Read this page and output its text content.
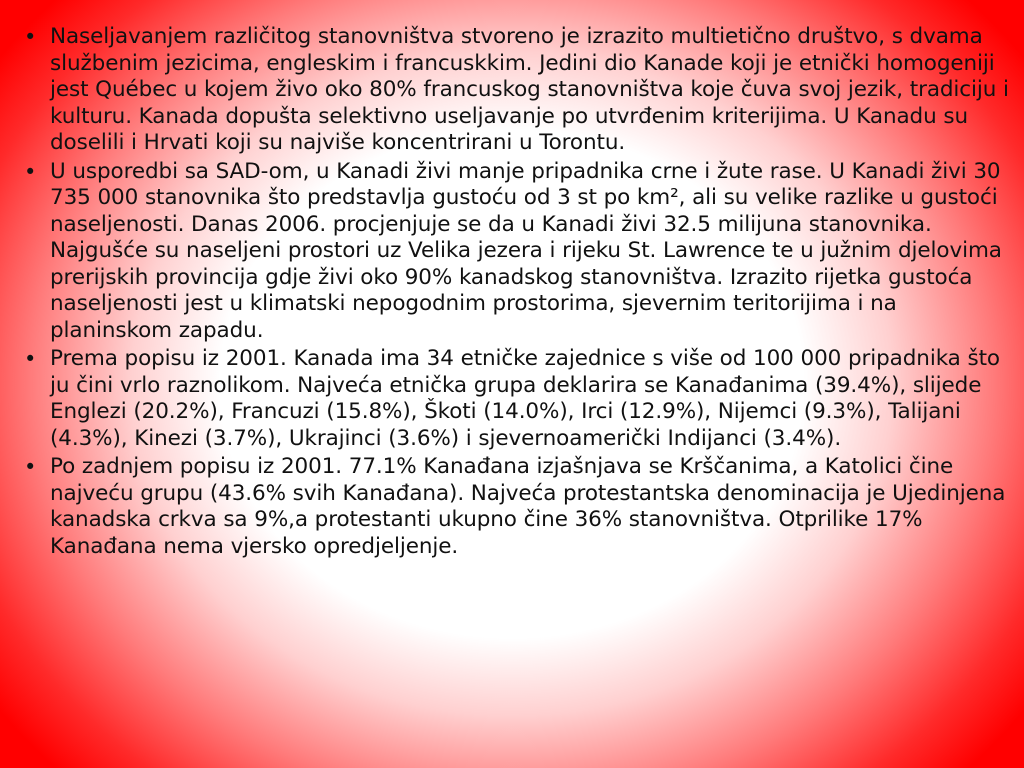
• Naseljavanjem različitog stanovništva stvoreno je izrazito multietično društvo, s dvama službenim jezicima, engleskim i francuskkim. Jedini dio Kanade koji je etnički homogeniji jest Québec u kojem živo oko 80% francuskog stanovništva koje čuva svoj jezik, tradiciju i kulturu. Kanada dopušta selektivno useljavanje po utvrđenim kriterijima. U Kanadu su doselili i Hrvati koji su najviše koncentrirani u Torontu.
• U usporedbi sa SAD-om, u Kanadi živi manje pripadnika crne i žute rase. U Kanadi živi 30 735 000 stanovnika što predstavlja gustoću od 3 st po km², ali su velike razlike u gustoći naseljenosti. Danas 2006. procjenjuje se da u Kanadi živi 32.5 milijuna stanovnika. Najgušće su naseljeni prostori uz Velika jezera i rijeku St. Lawrence te u južnim djelovima prerijskih provincija gdje živi oko 90% kanadskog stanovništva. Izrazito rijetka gustoća naseljenosti jest u klimatski nepogodnim prostorima, sjevernim teritorijima i na planinskom zapadu.
• Prema popisu iz 2001. Kanada ima 34 etničke zajednice s više od 100 000 pripadnika što ju čini vrlo raznolikom. Najveća etnička grupa deklarira se Kanađanima (39.4%), slijede Englezi (20.2%), Francuzi (15.8%), Škoti (14.0%), Irci (12.9%), Nijemci (9.3%), Talijani (4.3%), Kinezi (3.7%), Ukrajinci (3.6%) i sjevernoamerički Indijanci (3.4%).
• Po zadnjem popisu iz 2001. 77.1% Kanađana izjašnjava se Krščanima, a Katolici čine najveću grupu (43.6% svih Kanađana). Najveća protestantska denominacija je Ujedinjena kanadska crkva sa 9%,a protestanti ukupno čine 36% stanovništva. Otprilike 17% Kanađana nema vjersko opredjeljenje.
